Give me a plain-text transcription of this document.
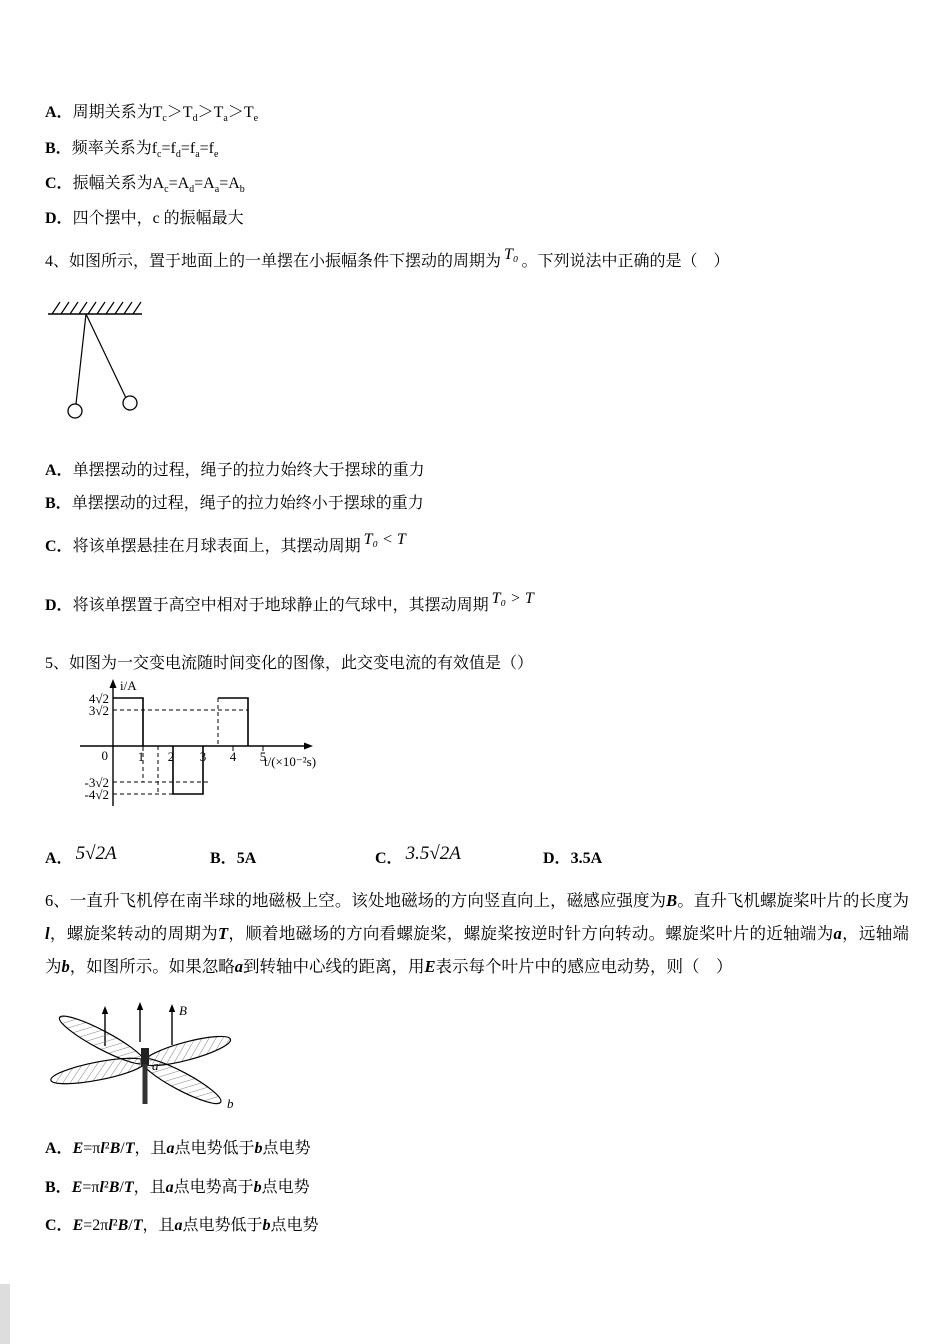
A．周期关系为$T_c>T_d>T_a>T_e$
B．频率关系为$f_c=f_d=f_a=f_e$
C．振幅关系为$A_c=A_d=A_a=A_b$
D．四个摆中，c 的振幅最大
4、如图所示，置于地面上的一单摆在小振幅条件下摆动的周期为 T₀ 。下列说法中正确的是（　）
A．单摆摆动的过程，绳子的拉力始终大于摆球的重力
B．单摆摆动的过程，绳子的拉力始终小于摆球的重力
C．将该单摆悬挂在月球表面上，其摆动周期 T₀ < T
D．将该单摆置于高空中相对于地球静止的气球中，其摆动周期 T₀ > T
5、如图为一交变电流随时间变化的图像，此交变电流的有效值是（）
i/A
t/(×10⁻²s)
4√2
3√2
0
-3√2
-4√2
1 2 3 4 5
A． 5√2A	B．5A	C． 3.5√2A	D．3.5A
6、一直升飞机停在南半球的地磁极上空。该处地磁场的方向竖直向上，磁感应强度为B。直升飞机螺旋桨叶片的长度为l，螺旋桨转动的周期为T，顺着地磁场的方向看螺旋桨，螺旋桨按逆时针方向转动。螺旋桨叶片的近轴端为a，远轴端为b，如图所示。如果忽略a到转轴中心线的距离，用E表示每个叶片中的感应电动势，则（　）
B
a
b
A．E=πl²B/T，且a点电势低于b点电势
B．E=πl²B/T，且a点电势高于b点电势
C．E=2πl²B/T，且a点电势低于b点电势
